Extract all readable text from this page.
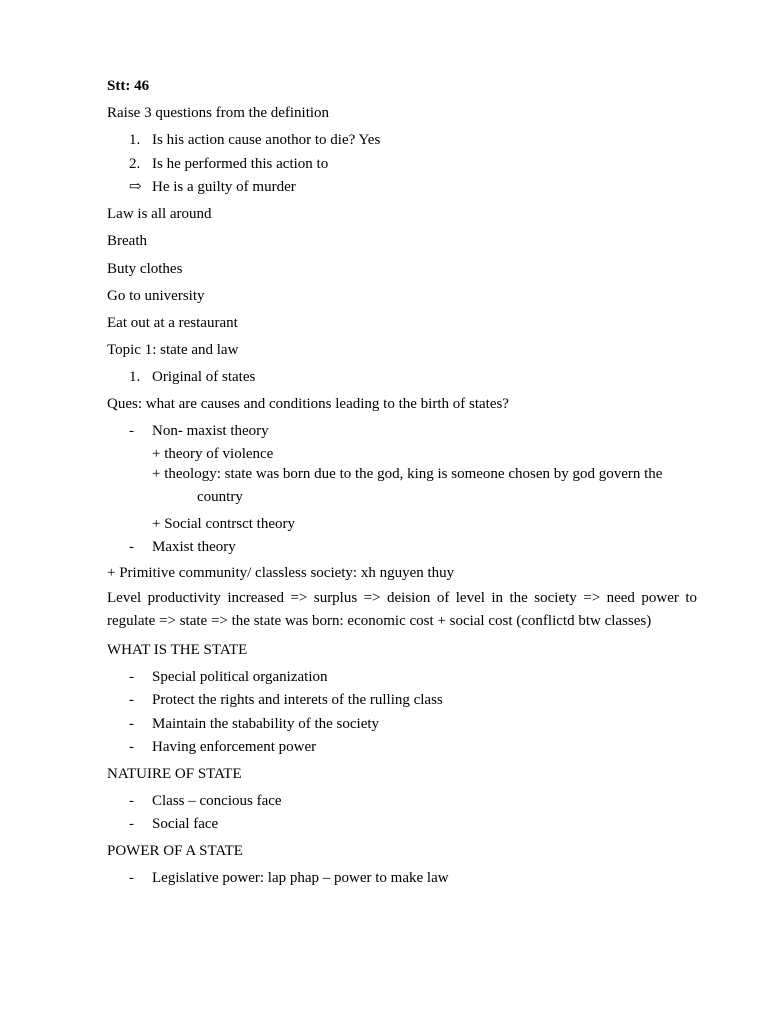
Stt: 46
Raise 3 questions from the definition
1. Is his action cause anothor to die? Yes
2. Is he performed this action to
⇨ He is a guilty of murder
Law is all around
Breath
Buty clothes
Go to university
Eat out at a restaurant
Topic 1: state and law
1. Original of states
Ques: what are causes and conditions leading to the birth of states?
- Non- maxist theory
+ theory of violence
+ theology: state was born due to the god, king is someone chosen by god govern the
country
+ Social contrsct theory
- Maxist theory
+ Primitive community/ classless society: xh nguyen thuy
Level productivity increased => surplus => deision of level in the society => need power to regulate => state => the state was born: economic cost + social cost (conflictd btw classes)
WHAT IS THE STATE
- Special political organization
- Protect the rights and interets of the rulling class
- Maintain the stabability of the society
- Having enforcement power
NATUIRE OF STATE
- Class – concious face
- Social face
POWER OF A STATE
- Legislative power: lap phap – power to make law
